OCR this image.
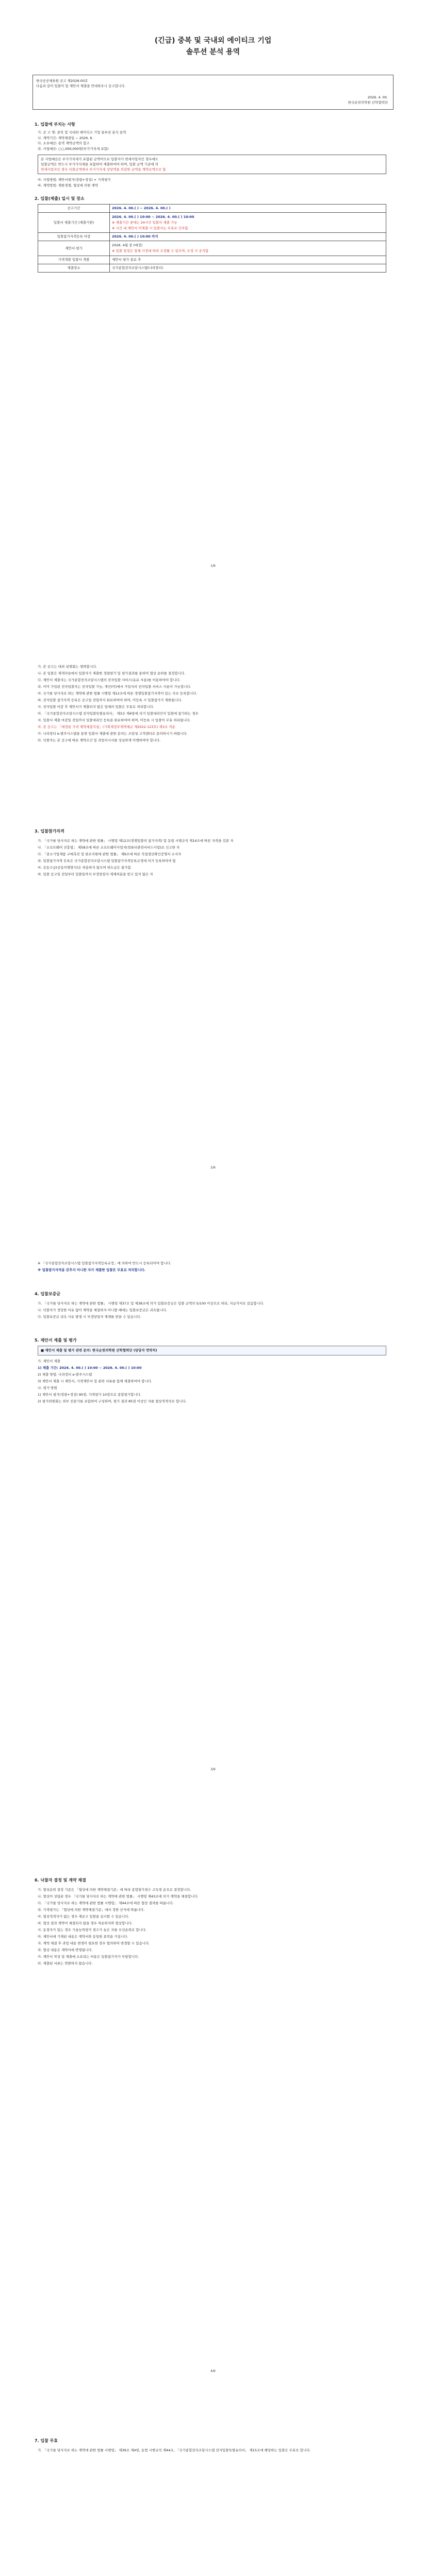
(긴급) 중복 및 국내외 에이티크 기업
솔루션 분석 용역
한국공공체육원 공고 제2026-00호
다음과 같이 입찰이 및 제안서 제출을 안내하오니 공고합니다.
2026. 4. 00.
한국순천의학원 산학협력단
1. 입찰에 부치는 사항
가. 공 고 명: 중복 및 국내외 에이티크 기업 솔루션 분석 용역
나. 계약기간: 계약체결일 ~ 2026. 6.
다. 소요예산: 용역 계약금액의 합고
라. 사업예산: ○○,000,000원(부가가치세 포함)
본 사업예산은 부가가치세가 포함된 금액이므로 입찰자가 면세사업자인 경우에도
입찰금액은 반드시 부가가치세를 포함하여 제출하여야 하며, 입찰 금액 기준에 의
면세사업자인 경우 낙찰금액에서 부가가치세 상당액을 차감한 금액을 계약금액으로 함
마. 사업방법: 제안서평가(정량+정성) + 가격평가
바. 계약방법: 제한경쟁, 협상에 의한 계약
2. 입찰(제출) 일시 및 장소
공고기간	2026. 4. 00.( ) ~ 2026. 4. 00.( )
입찰서 제출기간 (제출기한)	2026. 4. 00.( ) 10:00 ~ 2026. 4. 00.( ) 10:00
※ 제출기간 중에는 24시간 입찰서 제출 가능
※ 시간 내 제안서 미제출 시 입찰서는 무효로 간주함

입찰참가자격등록 마감	2026. 4. 00.( ) 10:00 까지
제안서 평가	2026. 4월 중 (예정)
※ 입찰 일정은 업체 사정에 따라 조정될 수 있으며, 조정 시 공지함

가격개찰 입찰서 개찰	제안서 평가 종료 후
제출장소	국가종합전자조달시스템(나라장터)
1/6
가. 본 공고는 내외 설명회는 생략합니다.
나. 본 입찰은 제개자들에서 입찰자가 제출한 정량평가 및 평가결과를 통하여 협상 순위를 결정합니다.
다. 제안서 제출자는 국가종합전자조달시스템의 전자입찰 서비스(유료 사용)를 이용하여야 합니다.
라. 이미 가입된 전자입찰자는 전자입찰 가능, 개인(미)에서 가입자의 전자입찰 서비스 사용이 가능합니다.
마. 국가를 당사자로 하는 계약에 관한 법률 시행령 제12조에 따른 경쟁입찰참가자격이 있는 자로 등록합니다.
바. 전자입찰 참가자격 등록은 공고일 전일까지 완료하여야 하며, 미등록 시 입찰참가가 제한됩니다.
사. 전자입찰 마감 후 제안서가 제출되지 않은 업체의 입찰은 무효로 처리합니다.
아. 「국가종합전자조달시스템 전자입찰특별유의서」 제3조 제4항에 의거 입찰대리인이 입찰에 참가하는 경우
자. 입찰서 제출 마감일 전일까지 입찰대리인 등록을 완료하여야 하며, 미등록 시 입찰이 무효 처리됩니다.
차. 본 공고는 「예정된 가격 계약체결지침」(기획재정부계약예규 제2022-123호) 제3조 적용
카. 나라장터 e-발주시스템을 통한 입찰서 제출에 관한 문의는 조달청 고객센터로 문의하시기 바랍니다.
타. 낙찰자는 본 공고에 따른 계약조건 및 과업지시서를 성실하게 이행하여야 합니다.
3. 입찰참가자격
가. 「국가를 당사자로 하는 계약에 관한 법률」 시행령 제12조(경쟁입찰의 참가자격) 및 동법 시행규칙 제14조에 따른 자격을 갖춘 자
나. 「소프트웨어 진흥법」 제58조에 따른 소프트웨어사업자(컴퓨터관련서비스사업)로 신고한 자
다. 「중소기업제품 구매촉진 및 판로지원에 관한 법률」 제9조에 따른 직접생산확인증명서 소지자
라. 입찰참가자격 등록은 국가종합전자조달시스템 입찰참가자격등록규정에 의거 등록하여야 함
마. 공동수급(공동이행방식)은 허용하지 않으며 하도급은 불가함
바. 입찰 공고일 전일부터 입찰일까지 부정당업자 제재처분을 받고 있지 않은 자
2/6
※ 「국가종합전자조달시스템 입찰참가자격등록규정」에 의하여 반드시 등록되어야 합니다.
※ 입찰참가자격을 갖추지 아니한 자가 제출한 입찰은 무효로 처리합니다.
4. 입찰보증금
가. 「국가를 당사자로 하는 계약에 관한 법률」 시행령 제37조 및 제38조에 의거 입찰보증금은 입찰 금액의 5/100 이상으로 하되, 지급각서로 갈음합니다.
나. 낙찰자가 정당한 이유 없이 계약을 체결하지 아니할 때에는 입찰보증금은 귀속됩니다.
다. 입찰보증금 귀속 사유 발생 시 부정당업자 제재를 받을 수 있습니다.
5. 제안서 제출 및 평가
■ 제안서 제출 및 평가 관련 문의: 한국순천의학원 산학협력단 (담당자 연락처)
가. 제안서 제출
1) 제출 기간: 2026. 4. 00.( ) 10:00 ~ 2026. 4. 00.( ) 10:00
2) 제출 방법: 나라장터 e-발주시스템
3) 제안서 제출 시 제안서, 가격제안서 및 관련 서류를 함께 제출하여야 합니다.
나. 평가 방법
1) 제안서 평가(정량+정성) 90점, 가격평가 10점으로 종합평가합니다.
2) 평가위원회는 외부 전문가를 포함하여 구성하며, 평가 결과 85점 이상인 자를 협상적격자로 합니다.
3/6
6. 낙찰자 결정 및 계약 체결
가. 협상순위 결정 기준은 「협상에 의한 계약체결기준」에 따라 종합평가점수 고득점 순으로 결정합니다.
나. 협상이 성립된 경우 「국가를 당사자로 하는 계약에 관한 법률」 시행령 제43조에 의거 계약을 체결합니다.
다. 「국가를 당사자로 하는 계약에 관한 법률 시행령」 제44조에 따른 협상 절차를 따릅니다.
라. 가격평가는 「협상에 의한 계약체결기준」에서 정한 산식에 따릅니다.
마. 협상적격자가 없는 경우 재공고 입찰을 실시할 수 있습니다.
바. 협상 결과 계약이 체결되지 않을 경우 차순위자와 협상합니다.
사. 동점자가 있는 경우 기술능력평가 점수가 높은 자를 우선순위로 합니다.
아. 제안서에 기재된 내용은 계약서와 동일한 효력을 가집니다.
자. 계약 체결 후 과업 내용 변경이 필요한 경우 협의하여 변경할 수 있습니다.
차. 협상 내용은 계약서에 반영됩니다.
카. 제안서 작성 및 제출에 소요되는 비용은 입찰참가자가 부담합니다.
타. 제출된 서류는 반환하지 않습니다.
4/6
7. 입찰 무효
가. 「국가를 당사자로 하는 계약에 관한 법률 시행령」 제39조 제4항, 동법 시행규칙 제44조, 「국가종합전자조달시스템 전자입찰특별유의서」 제15조에 해당하는 입찰은 무효로 합니다.
